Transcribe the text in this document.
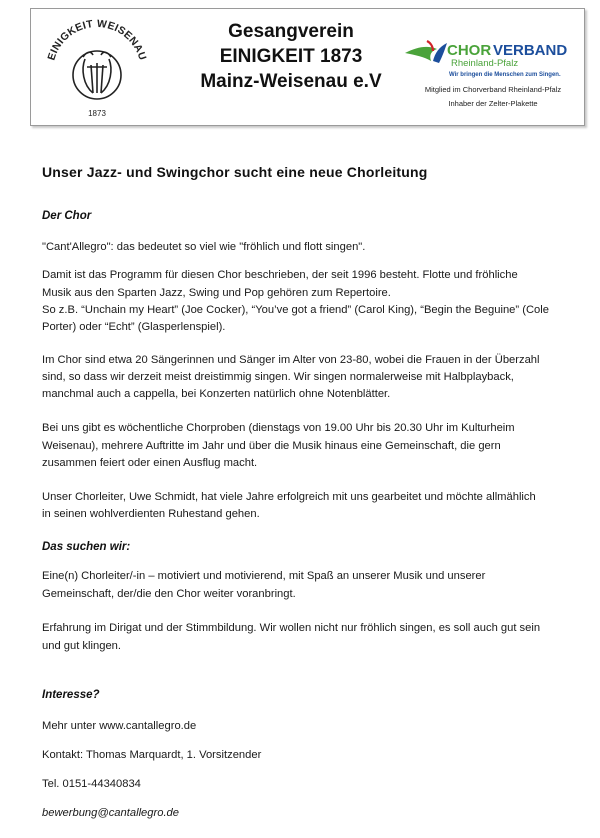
EINIGKEIT WEISENAU
1873
Gesangverein
EINIGKEIT 1873
Mainz-Weisenau e.V
CHOR VERBAND
Rheinland-Pfalz
Wir bringen die Menschen zum Singen.
Mitglied im Chorverband Rheinland-Pfalz
Inhaber der Zelter-Plakette
Unser Jazz- und Swingchor sucht eine neue Chorleitung
Der Chor
"Cant'Allegro": das bedeutet so viel wie "fröhlich und flott singen".
Damit ist das Programm für diesen Chor beschrieben, der seit 1996 besteht. Flotte und fröhliche
Musik aus den Sparten Jazz, Swing und Pop gehören zum Repertoire.
So z.B. “Unchain my Heart” (Joe Cocker), “You’ve got a friend” (Carol King), “Begin the Beguine” (Cole
Porter) oder “Echt” (Glasperlenspiel).
Im Chor sind etwa 20 Sängerinnen und Sänger im Alter von 23-80, wobei die Frauen in der Überzahl
sind, so dass wir derzeit meist dreistimmig singen. Wir singen normalerweise mit Halbplayback,
manchmal auch a cappella, bei Konzerten natürlich ohne Notenblätter.
Bei uns gibt es wöchentliche Chorproben (dienstags von 19.00 Uhr bis 20.30 Uhr im Kulturheim
Weisenau), mehrere Auftritte im Jahr und über die Musik hinaus eine Gemeinschaft, die gern
zusammen feiert oder einen Ausflug macht.
Unser Chorleiter, Uwe Schmidt, hat viele Jahre erfolgreich mit uns gearbeitet und möchte allmählich
in seinen wohlverdienten Ruhestand gehen.
Das suchen wir:
Eine(n) Chorleiter/-in – motiviert und motivierend, mit Spaß an unserer Musik und unserer
Gemeinschaft, der/die den Chor weiter voranbringt.
Erfahrung im Dirigat und der Stimmbildung. Wir wollen nicht nur fröhlich singen, es soll auch gut sein
und gut klingen.
Interesse?
Mehr unter www.cantallegro.de
Kontakt: Thomas Marquardt, 1. Vorsitzender
Tel. 0151-44340834
bewerbung@cantallegro.de
